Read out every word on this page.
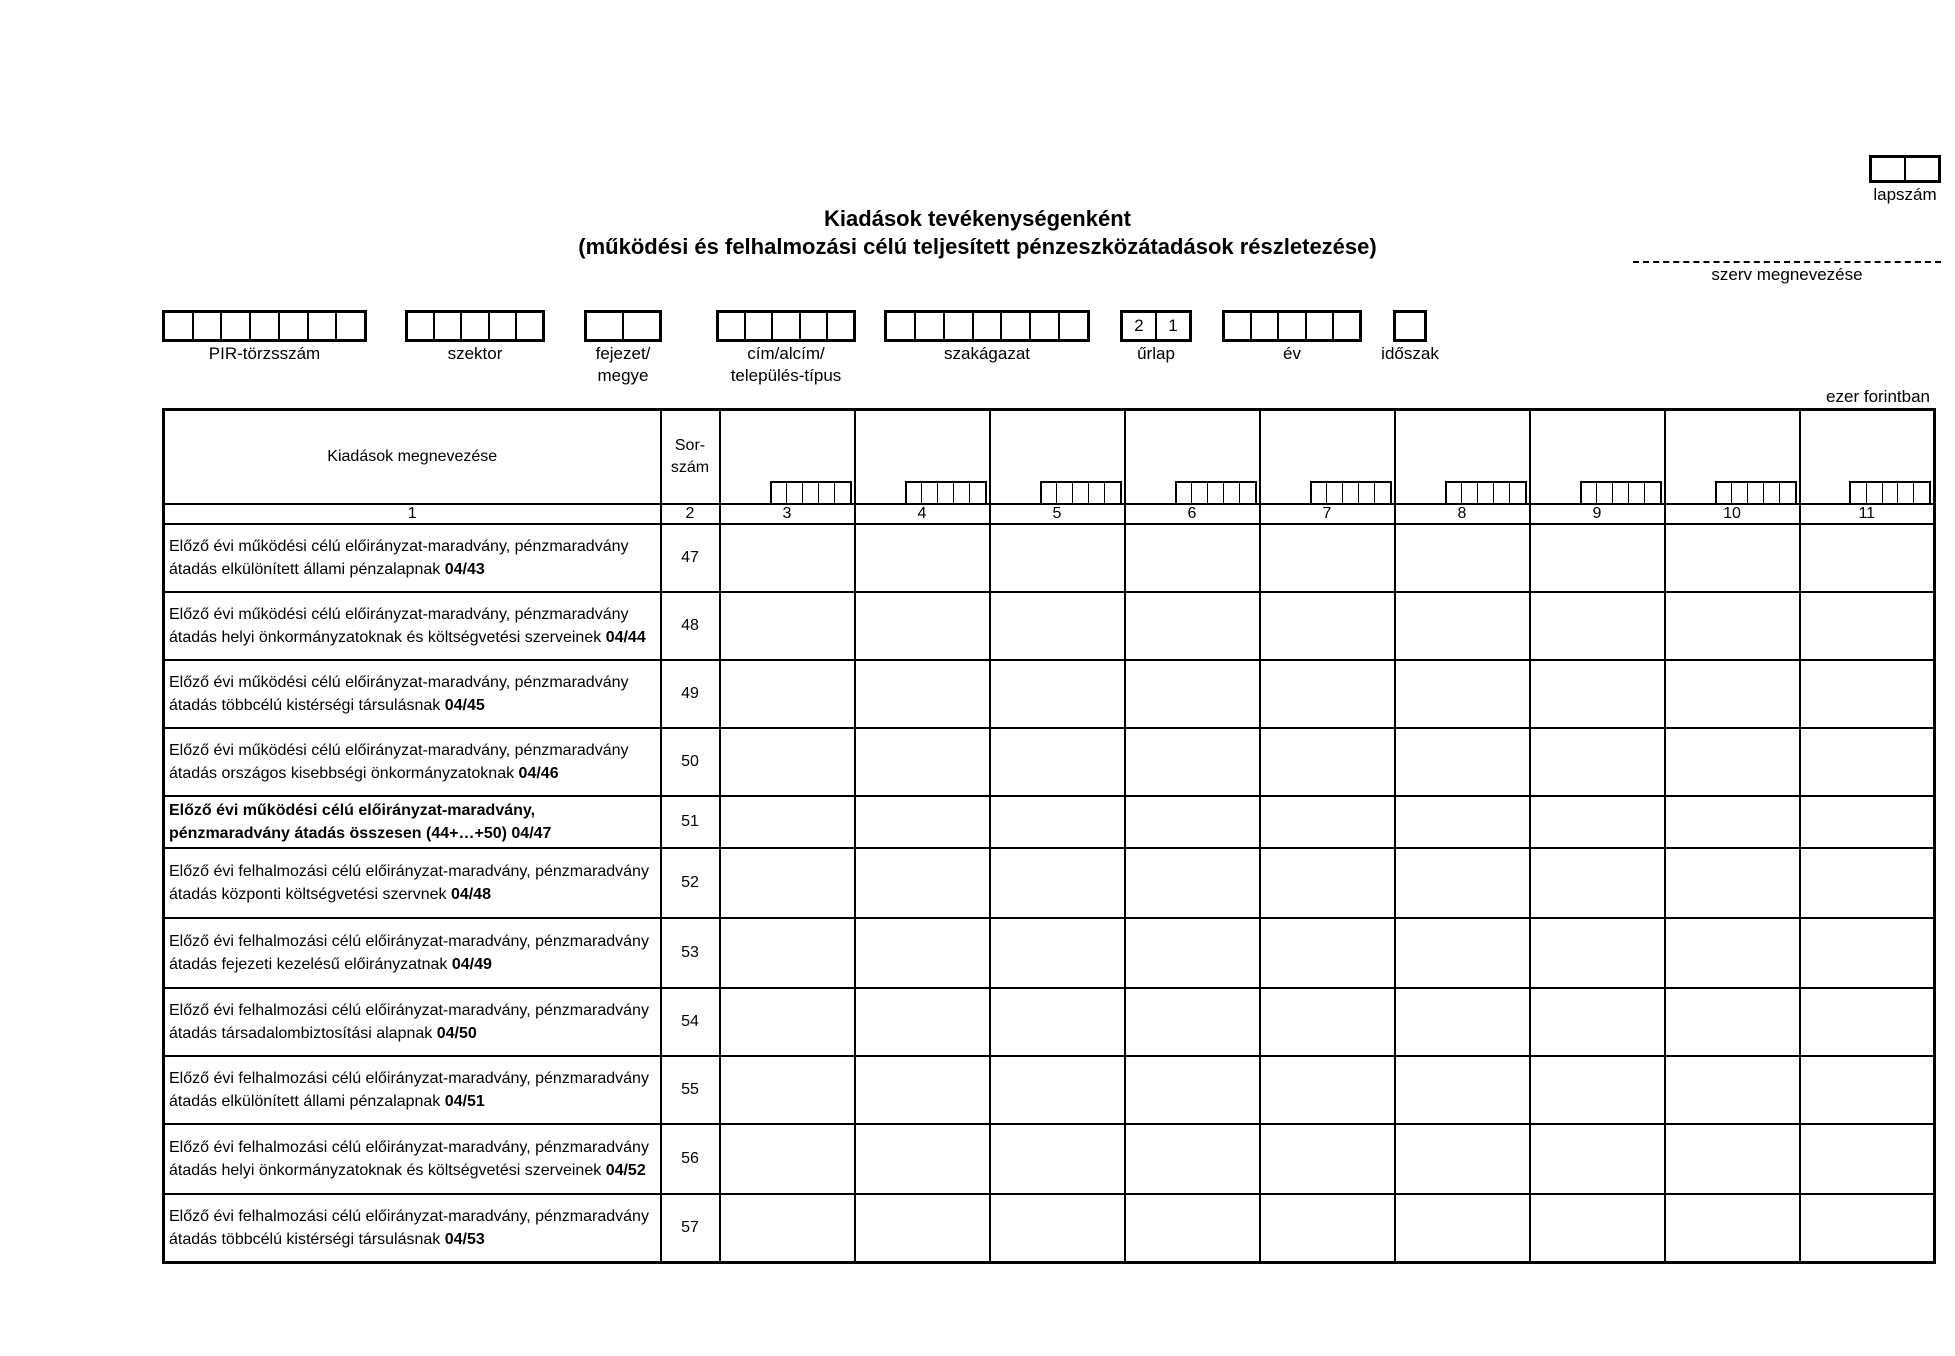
lapszám
Kiadások tevékenységenként
(működési és felhalmozási célú teljesített pénzeszközátadások részletezése)
szerv megnevezése
PIR-törzsszám	szektor	fejezet/
megye
cím/alcím/
település-típus
szakágazat
2	1
űrlap	év	időszak
ezer forintban
Kiadások megnevezése	Sor-
szám	

1	2	3	4	5	6	7	8	9	10	11
Előző évi működési célú előirányzat-maradvány, pénzmaradvány átadás elkülönített állami pénzalapnak 04/43	47									
Előző évi működési célú előirányzat-maradvány, pénzmaradvány átadás helyi önkormányzatoknak és költségvetési szerveinek 04/44	48									
Előző évi működési célú előirányzat-maradvány, pénzmaradvány átadás többcélú kistérségi társulásnak 04/45	49									
Előző évi működési célú előirányzat-maradvány, pénzmaradvány átadás országos kisebbségi önkormányzatoknak 04/46	50									
Előző évi működési célú előirányzat-maradvány, pénzmaradvány átadás összesen (44+…+50) 04/47	51									
Előző évi felhalmozási célú előirányzat-maradvány, pénzmaradvány átadás központi költségvetési szervnek 04/48	52									
Előző évi felhalmozási célú előirányzat-maradvány, pénzmaradvány átadás fejezeti kezelésű előirányzatnak 04/49	53									
Előző évi felhalmozási célú előirányzat-maradvány, pénzmaradvány átadás társadalombiztosítási alapnak 04/50	54									
Előző évi felhalmozási célú előirányzat-maradvány, pénzmaradvány átadás elkülönített állami pénzalapnak 04/51	55									
Előző évi felhalmozási célú előirányzat-maradvány, pénzmaradvány átadás helyi önkormányzatoknak és költségvetési szerveinek 04/52	56									
Előző évi felhalmozási célú előirányzat-maradvány, pénzmaradvány átadás többcélú kistérségi társulásnak 04/53	57									
